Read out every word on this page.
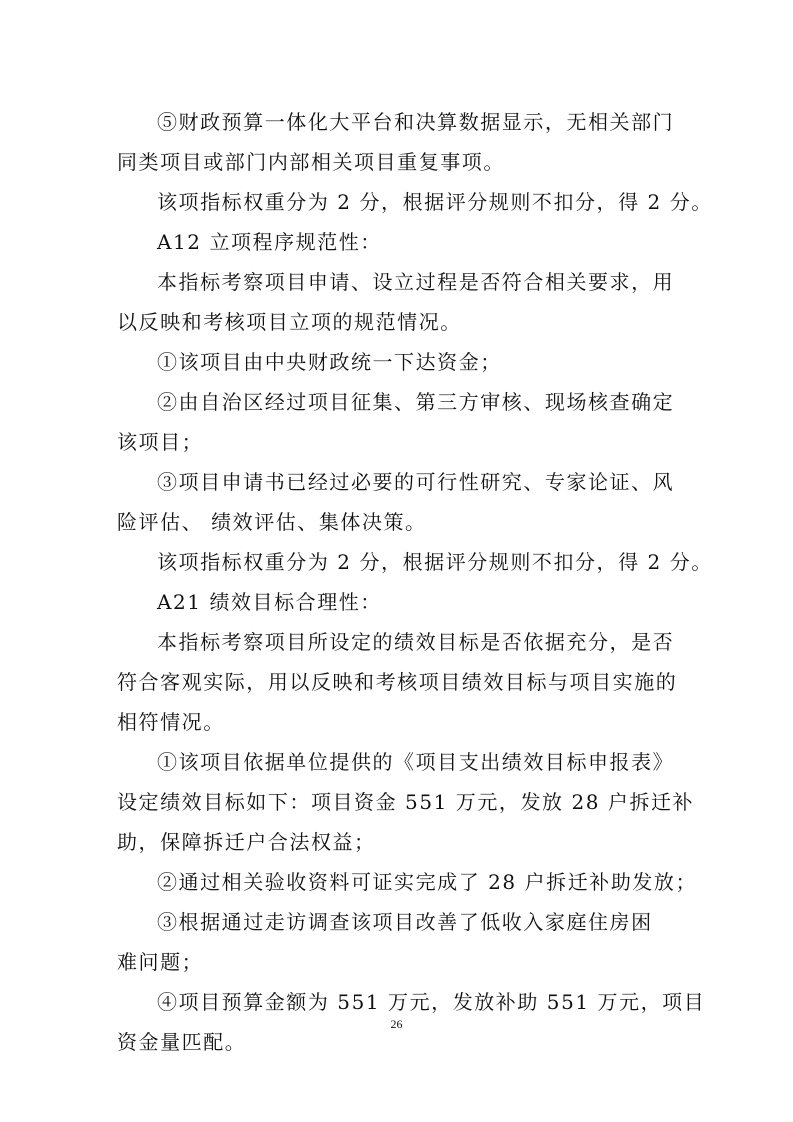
⑤财政预算一体化大平台和决算数据显示，无相关部门
同类项目或部门内部相关项目重复事项。
该项指标权重分为 2 分，根据评分规则不扣分，得 2 分。
A12 立项程序规范性：
本指标考察项目申请、设立过程是否符合相关要求，用
以反映和考核项目立项的规范情况。
①该项目由中央财政统一下达资金；
②由自治区经过项目征集、第三方审核、现场核查确定
该项目；
③项目申请书已经过必要的可行性研究、专家论证、风
险评估、 绩效评估、集体决策。
该项指标权重分为 2 分，根据评分规则不扣分，得 2 分。
A21 绩效目标合理性：
本指标考察项目所设定的绩效目标是否依据充分，是否
符合客观实际，用以反映和考核项目绩效目标与项目实施的
相符情况。
①该项目依据单位提供的《项目支出绩效目标申报表》
设定绩效目标如下：项目资金 551 万元，发放 28 户拆迁补
助，保障拆迁户合法权益；
②通过相关验收资料可证实完成了 28 户拆迁补助发放；
③根据通过走访调查该项目改善了低收入家庭住房困
难问题；
④项目预算金额为 551 万元，发放补助 551 万元，项目
资金量匹配。
26
